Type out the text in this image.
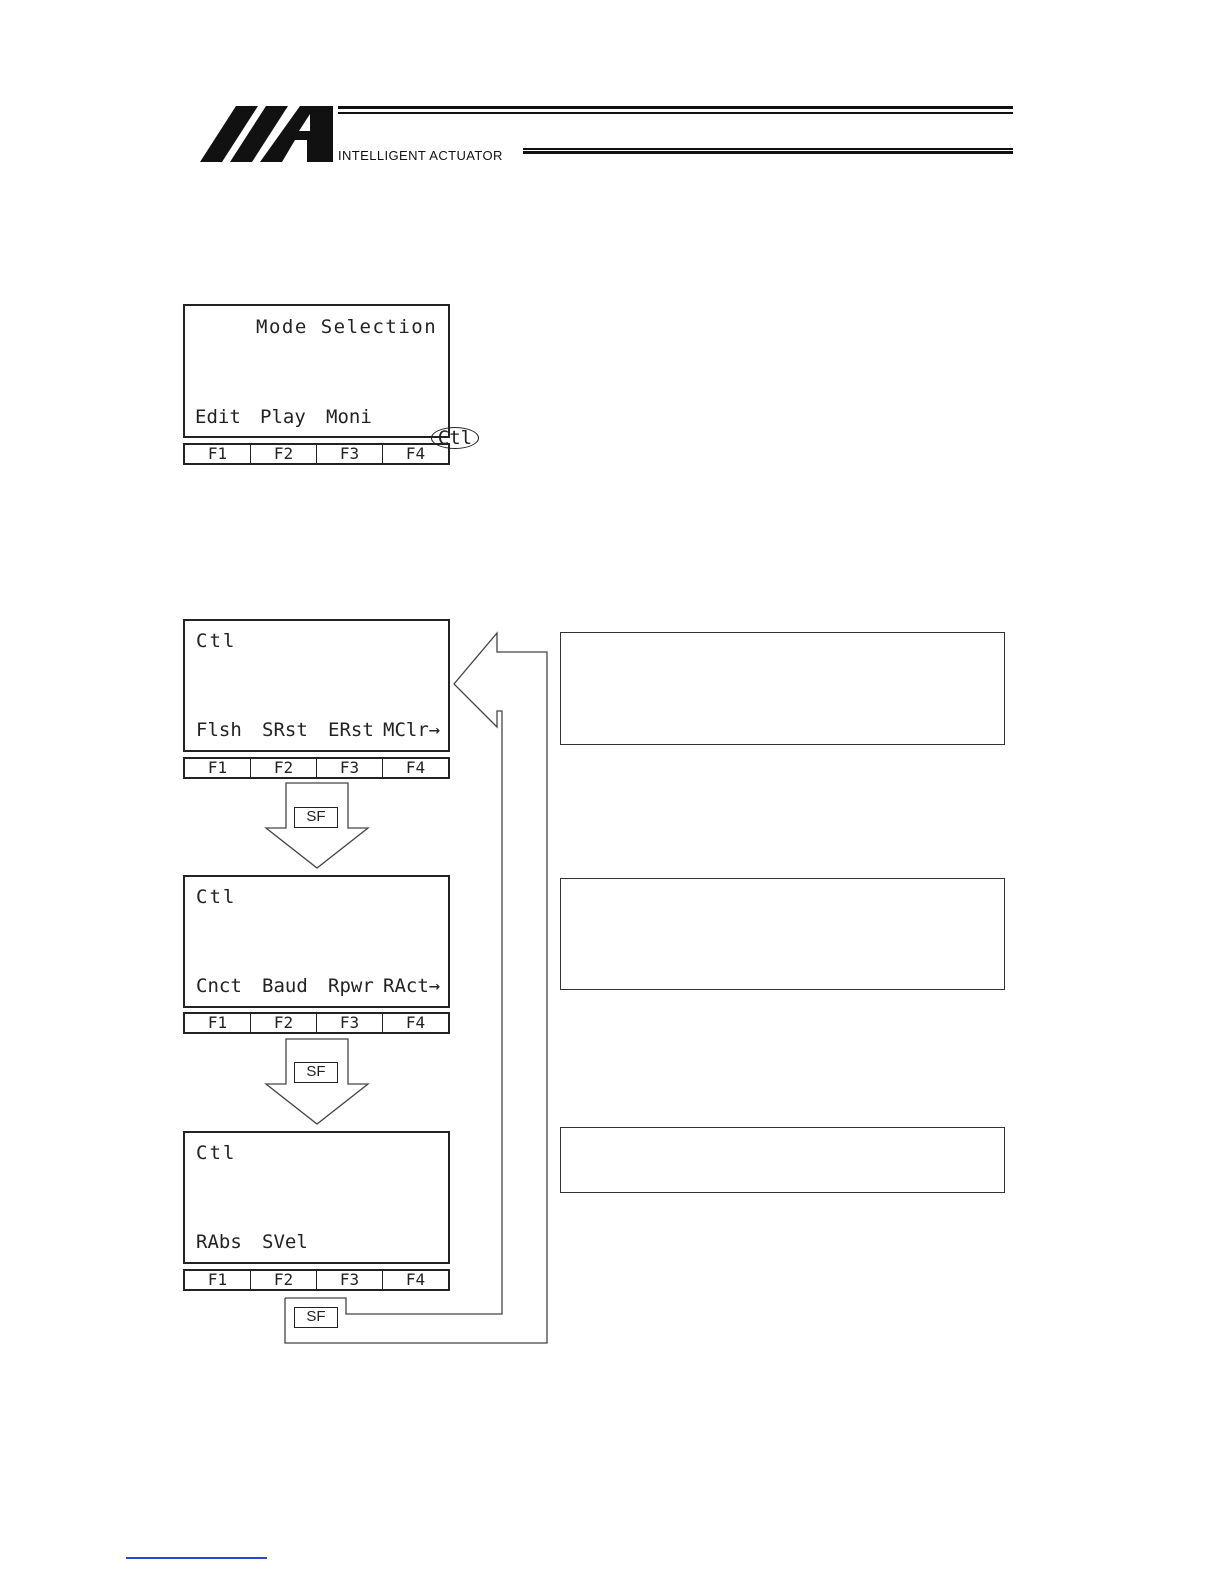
INTELLIGENT ACTUATOR
Mode Selection
Edit Play Moni

Ctl

F1	F2	F3	F4
Ctl
Flsh SRst ERst MClr→
F1	F2	F3	F4
SF
Ctl
Cnct Baud Rpwr RAct→
F1	F2	F3	F4
SF
Ctl
RAbs SVel
F1	F2	F3	F4
SF
